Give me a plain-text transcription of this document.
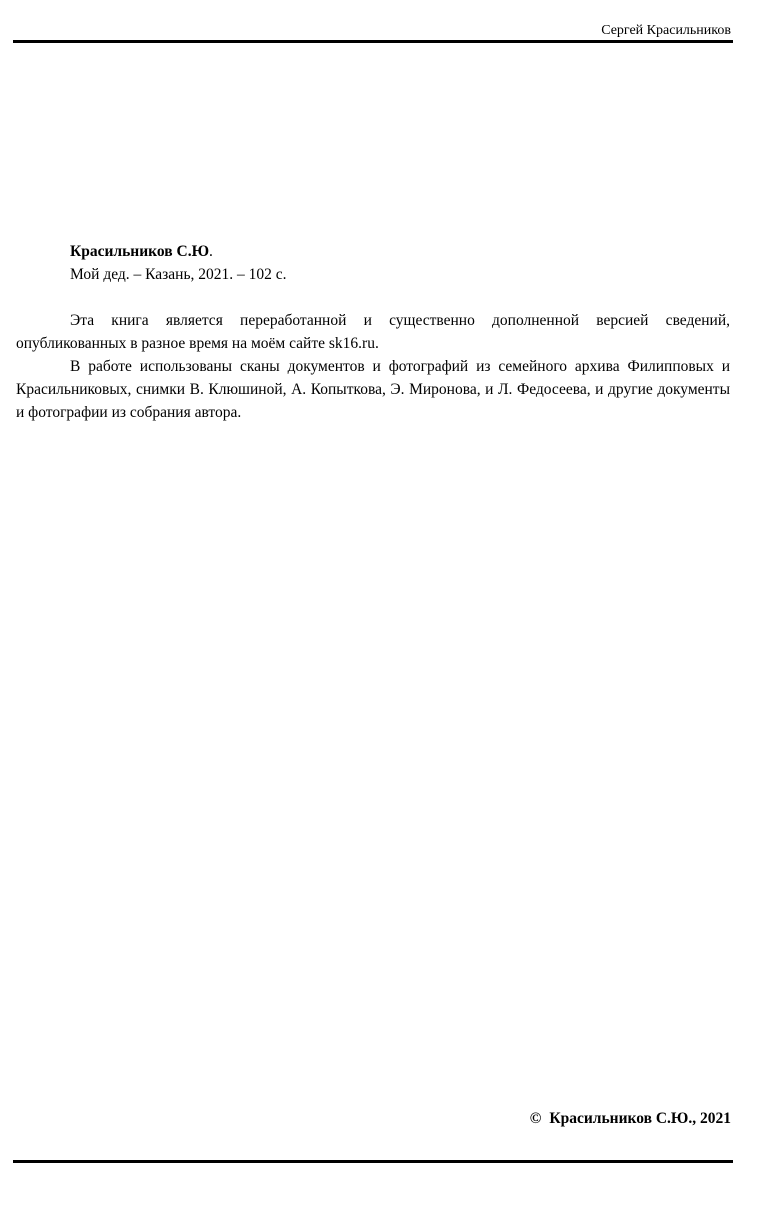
Сергей Красильников

Красильников С.Ю.

Мой дед. – Казань, 2021. – 102 с.

Эта книга является переработанной и существенно дополненной версией сведений, опубликованных в разное время на моём сайте sk16.ru.

В работе использованы сканы документов и фотографий из семейного архива Филипповых и Красильниковых, снимки В. Клюшиной, А. Копыткова, Э. Миронова, и Л. Федосеева, и другие документы и фотографии из собрания автора.

© Красильников С.Ю., 2021
